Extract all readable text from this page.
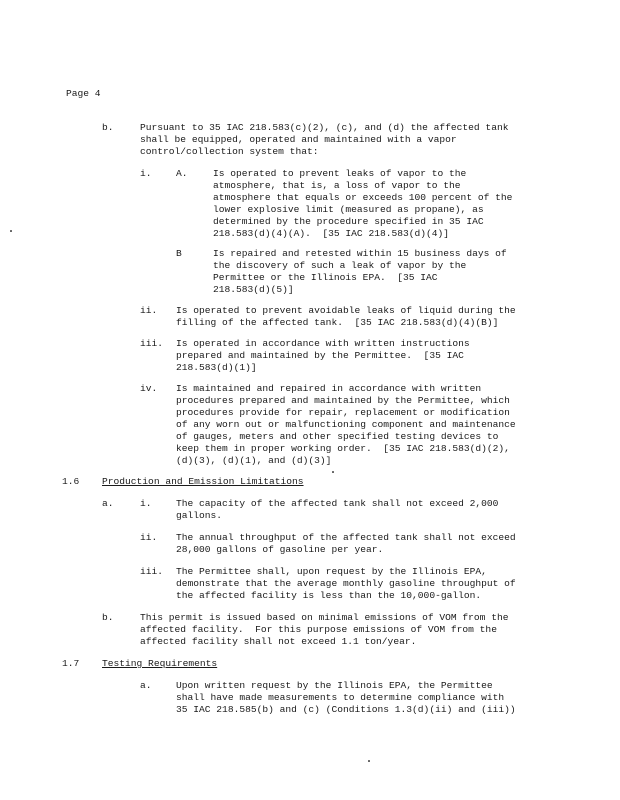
Page 4
b.	Pursuant to 35 IAC 218.583(c)(2), (c), and (d) the affected tank
shall be equipped, operated and maintained with a vapor
control/collection system that:
i.	A.	Is operated to prevent leaks of vapor to the
atmosphere, that is, a loss of vapor to the
atmosphere that equals or exceeds 100 percent of the
lower explosive limit (measured as propane), as
determined by the procedure specified in 35 IAC
218.583(d)(4)(A).  [35 IAC 218.583(d)(4)]
B	Is repaired and retested within 15 business days of
the discovery of such a leak of vapor by the
Permittee or the Illinois EPA.  [35 IAC
218.583(d)(5)]
ii. Is operated to prevent avoidable leaks of liquid during the
filling of the affected tank.  [35 IAC 218.583(d)(4)(B)]
iii. Is operated in accordance with written instructions
prepared and maintained by the Permittee.  [35 IAC
218.583(d)(1)]
iv. Is maintained and repaired in accordance with written
procedures prepared and maintained by the Permittee, which
procedures provide for repair, replacement or modification
of any worn out or malfunctioning component and maintenance
of gauges, meters and other specified testing devices to
keep them in proper working order.  [35 IAC 218.583(d)(2),
(d)(3), (d)(1), and (d)(3)]
1.6 Production and Emission Limitations
a.	i.	The capacity of the affected tank shall not exceed 2,000
gallons.
ii. The annual throughput of the affected tank shall not exceed
28,000 gallons of gasoline per year.
iii. The Permittee shall, upon request by the Illinois EPA,
demonstrate that the average monthly gasoline throughput of
the affected facility is less than the 10,000-gallon.
b.	This permit is issued based on minimal emissions of VOM from the
affected facility.  For this purpose emissions of VOM from the
affected facility shall not exceed 1.1 ton/year.
1.7 Testing Requirements
a.	Upon written request by the Illinois EPA, the Permittee
shall have made measurements to determine compliance with
35 IAC 218.585(b) and (c) (Conditions 1.3(d)(ii) and (iii))
